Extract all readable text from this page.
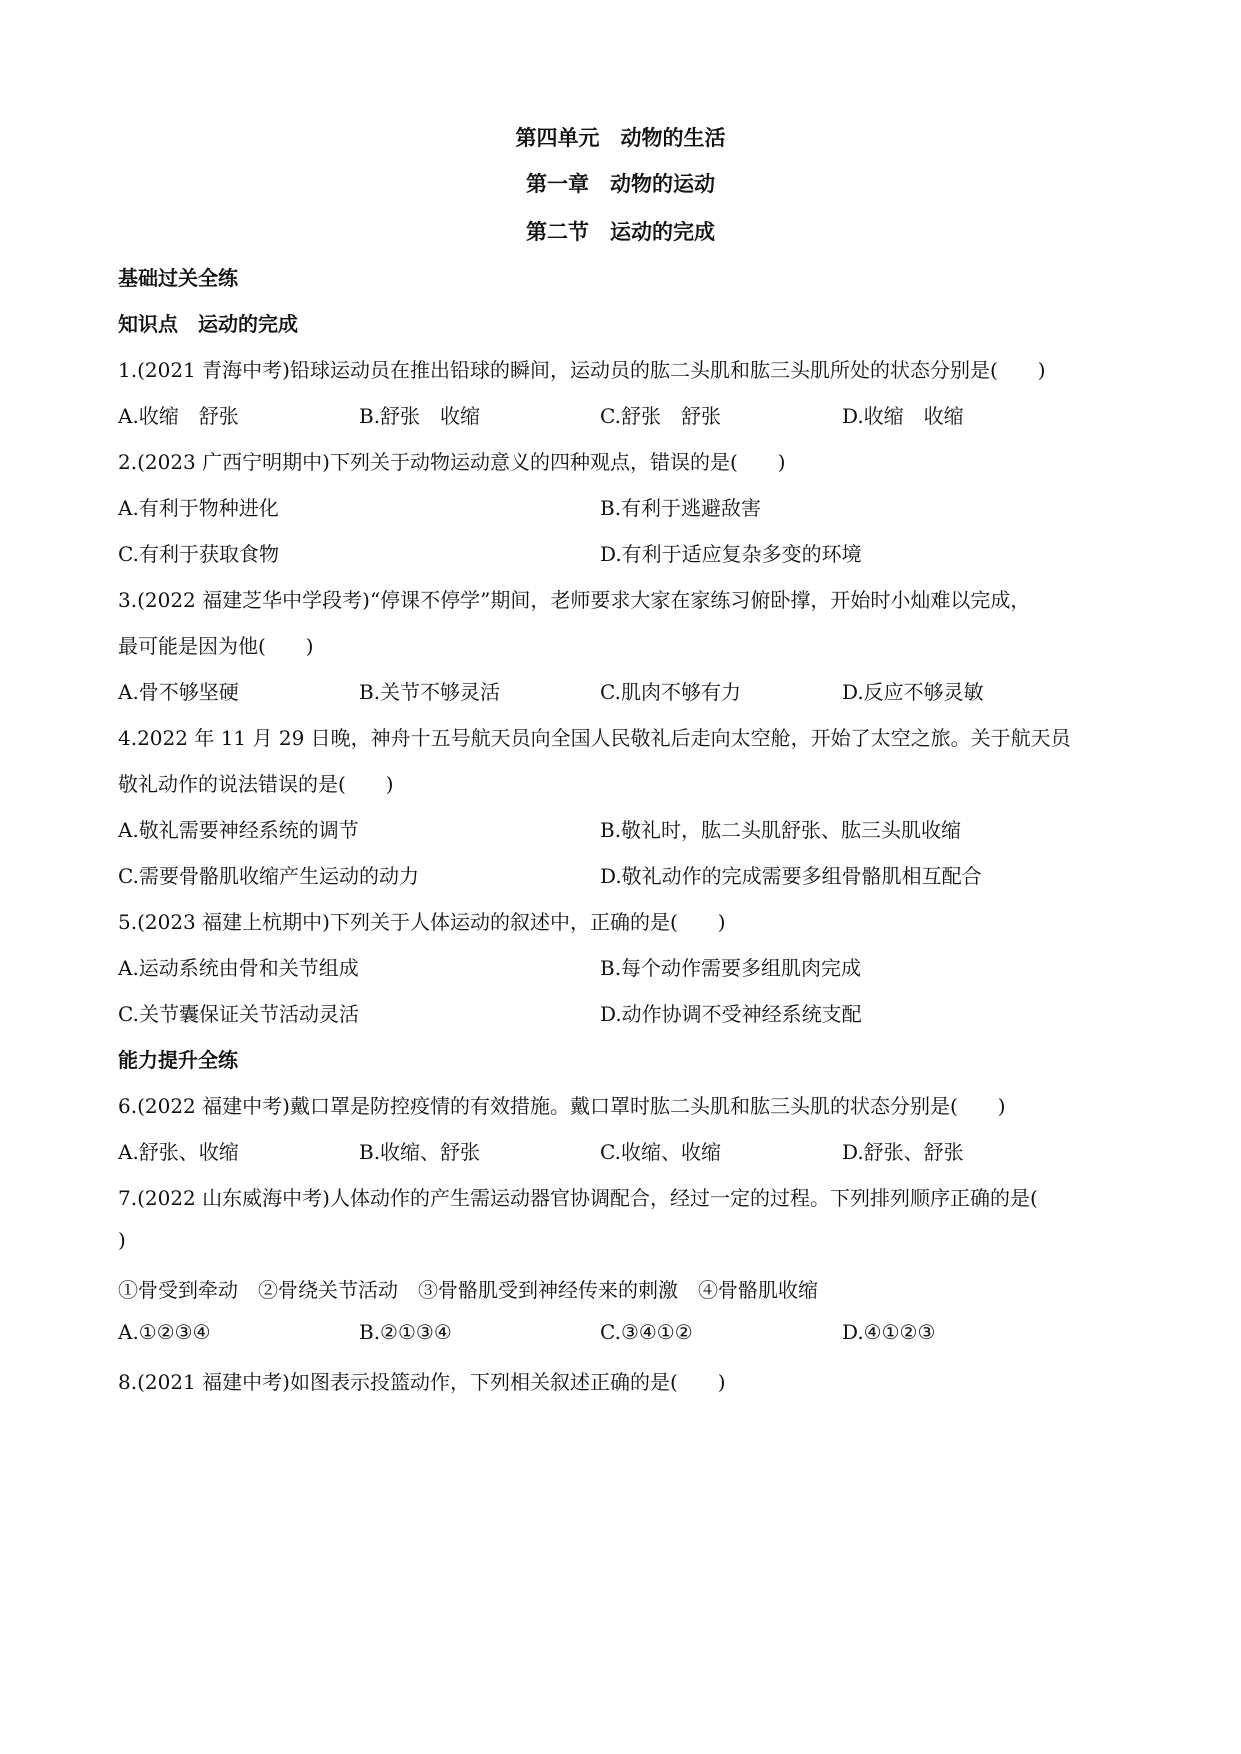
第四单元　动物的生活
第一章　动物的运动
第二节　运动的完成
基础过关全练
知识点　运动的完成
1.(2021 青海中考)铅球运动员在推出铅球的瞬间，运动员的肱二头肌和肱三头肌所处的状态分别是(　　)
A.收缩　舒张	B.舒张　收缩	C.舒张　舒张	D.收缩　收缩
2.(2023 广西宁明期中)下列关于动物运动意义的四种观点，错误的是(　　)
A.有利于物种进化	B.有利于逃避敌害
C.有利于获取食物	D.有利于适应复杂多变的环境
3.(2022 福建芝华中学段考)“停课不停学”期间，老师要求大家在家练习俯卧撑，开始时小灿难以完成，
最可能是因为他(　　)
A.骨不够坚硬	B.关节不够灵活	C.肌肉不够有力	D.反应不够灵敏
4.2022 年 11 月 29 日晚，神舟十五号航天员向全国人民敬礼后走向太空舱，开始了太空之旅。关于航天员
敬礼动作的说法错误的是(　　)
A.敬礼需要神经系统的调节	B.敬礼时，肱二头肌舒张、肱三头肌收缩
C.需要骨骼肌收缩产生运动的动力	D.敬礼动作的完成需要多组骨骼肌相互配合
5.(2023 福建上杭期中)下列关于人体运动的叙述中，正确的是(　　)
A.运动系统由骨和关节组成	B.每个动作需要多组肌肉完成
C.关节囊保证关节活动灵活	D.动作协调不受神经系统支配
能力提升全练
6.(2022 福建中考)戴口罩是防控疫情的有效措施。戴口罩时肱二头肌和肱三头肌的状态分别是(　　)
A.舒张、收缩	B.收缩、舒张	C.收缩、收缩	D.舒张、舒张
7.(2022 山东威海中考)人体动作的产生需运动器官协调配合，经过一定的过程。下列排列顺序正确的是(
)
①骨受到牵动　②骨绕关节活动　③骨骼肌受到神经传来的刺激　④骨骼肌收缩
A.①②③④	B.②①③④	C.③④①②	D.④①②③
8.(2021 福建中考)如图表示投篮动作，下列相关叙述正确的是(　　)
